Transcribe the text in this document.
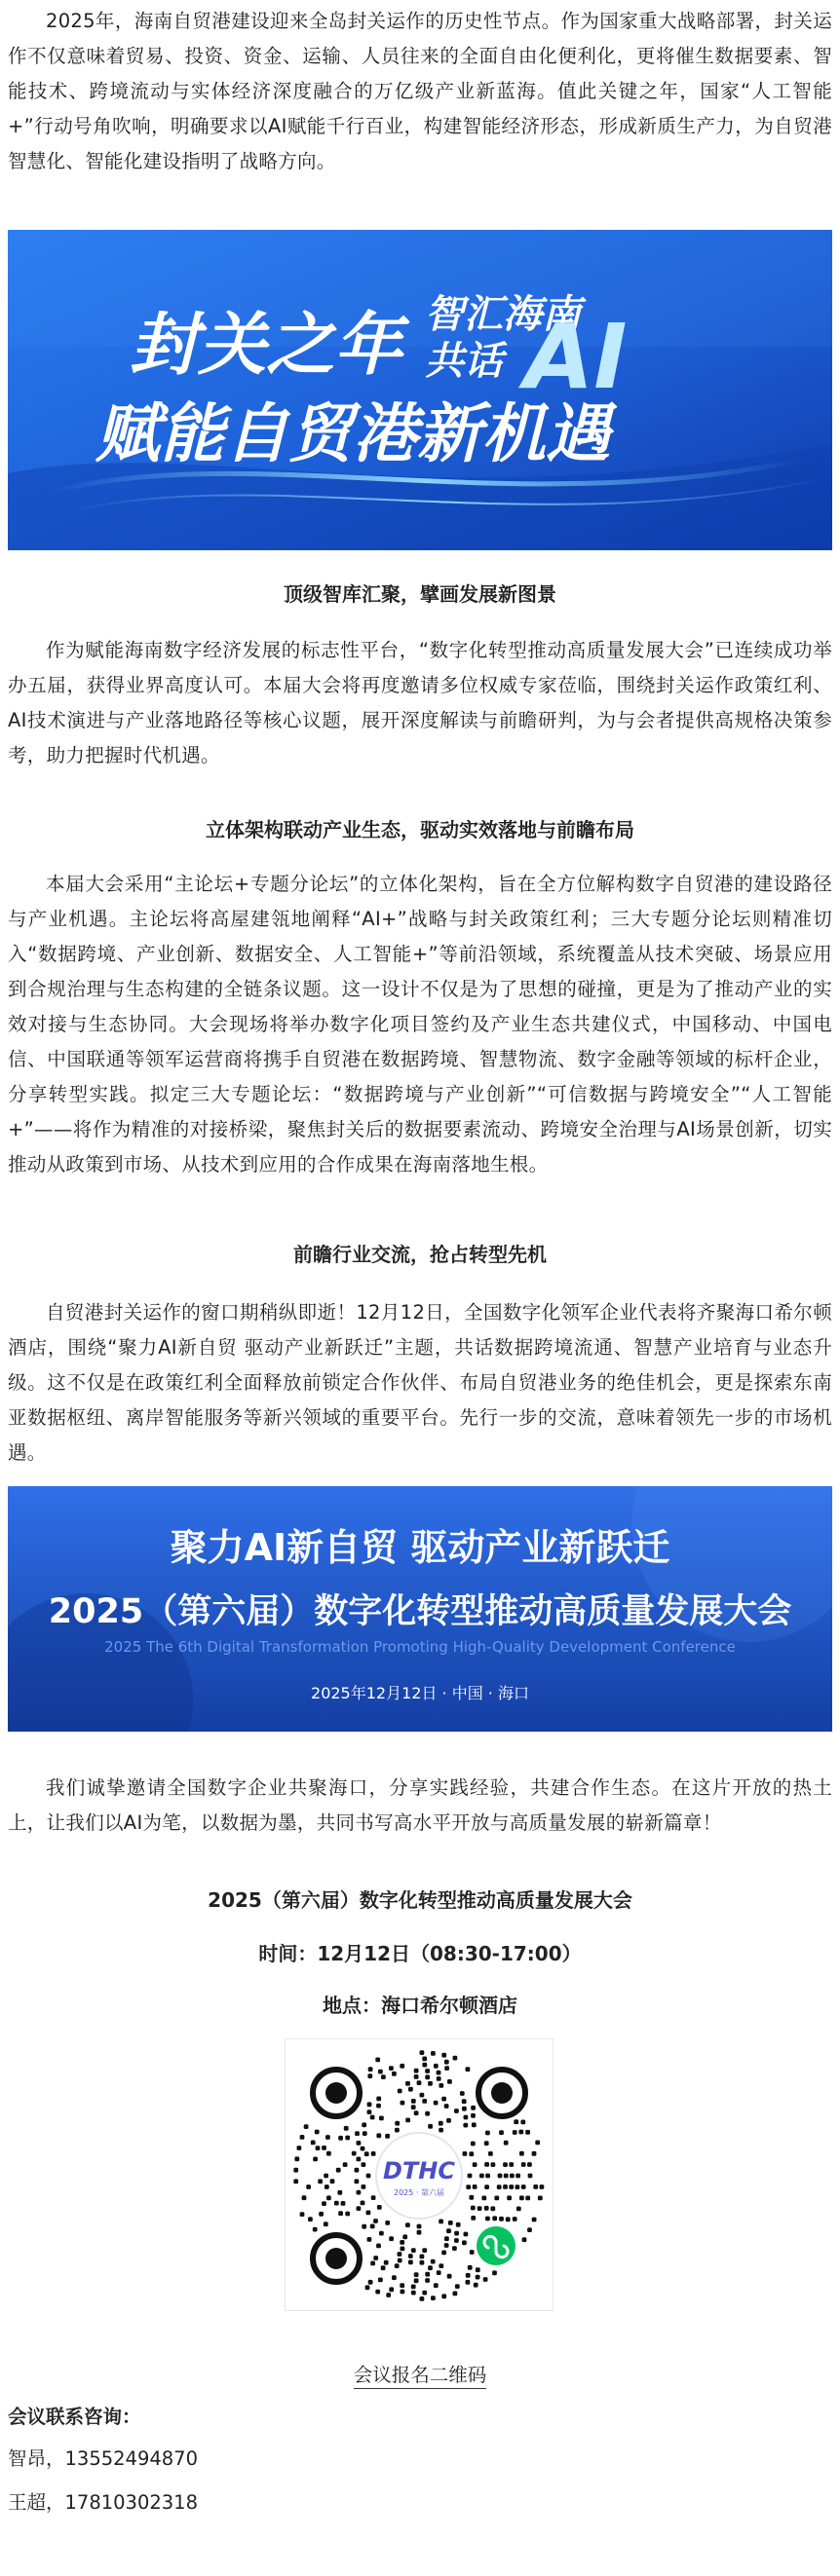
2025年，海南自贸港建设迎来全岛封关运作的历史性节点。作为国家重大战略部署，封关运作不仅意味着贸易、投资、资金、运输、人员往来的全面自由化便利化，更将催生数据要素、智能技术、跨境流动与实体经济深度融合的万亿级产业新蓝海。值此关键之年，国家“人工智能+”行动号角吹响，明确要求以AI赋能千行百业，构建智能经济形态，形成新质生产力，为自贸港智慧化、智能化建设指明了战略方向。

封关之年 智汇海南
共话 AI
赋能自贸港新机遇
顶级智库汇聚，擘画发展新图景

作为赋能海南数字经济发展的标志性平台，“数字化转型推动高质量发展大会”已连续成功举办五届，获得业界高度认可。本届大会将再度邀请多位权威专家莅临，围绕封关运作政策红利、AI技术演进与产业落地路径等核心议题，展开深度解读与前瞻研判，为与会者提供高规格决策参考，助力把握时代机遇。

立体架构联动产业生态，驱动实效落地与前瞻布局

本届大会采用“主论坛+专题分论坛”的立体化架构，旨在全方位解构数字自贸港的建设路径与产业机遇。主论坛将高屋建瓴地阐释“AI+”战略与封关政策红利；三大专题分论坛则精准切入“数据跨境、产业创新、数据安全、人工智能+”等前沿领域，系统覆盖从技术突破、场景应用到合规治理与生态构建的全链条议题。这一设计不仅是为了思想的碰撞，更是为了推动产业的实效对接与生态协同。大会现场将举办数字化项目签约及产业生态共建仪式，中国移动、中国电信、中国联通等领军运营商将携手自贸港在数据跨境、智慧物流、数字金融等领域的标杆企业，分享转型实践。拟定三大专题论坛：“数据跨境与产业创新”“可信数据与跨境安全”“人工智能+”——将作为精准的对接桥梁，聚焦封关后的数据要素流动、跨境安全治理与AI场景创新，切实推动从政策到市场、从技术到应用的合作成果在海南落地生根。

前瞻行业交流，抢占转型先机

自贸港封关运作的窗口期稍纵即逝！12月12日，全国数字化领军企业代表将齐聚海口希尔顿酒店，围绕“聚力AI新自贸 驱动产业新跃迁”主题，共话数据跨境流通、智慧产业培育与业态升级。这不仅是在政策红利全面释放前锁定合作伙伴、布局自贸港业务的绝佳机会，更是探索东南亚数据枢纽、离岸智能服务等新兴领域的重要平台。先行一步的交流，意味着领先一步的市场机遇。

聚力AI新自贸 驱动产业新跃迁
2025（第六届）数字化转型推动高质量发展大会
2025 The 6th Digital Transformation Promoting High-Quality Development Conference
2025年12月12日 · 中国 · 海口

我们诚挚邀请全国数字企业共聚海口，分享实践经验，共建合作生态。在这片开放的热土上，让我们以AI为笔，以数据为墨，共同书写高水平开放与高质量发展的崭新篇章！

2025（第六届）数字化转型推动高质量发展大会

时间：12月12日（08:30-17:00）

地点：海口希尔顿酒店

DTHC
2025 · 第六届
会议报名二维码
会议联系咨询：
智昂，13552494870
王超，17810302318
